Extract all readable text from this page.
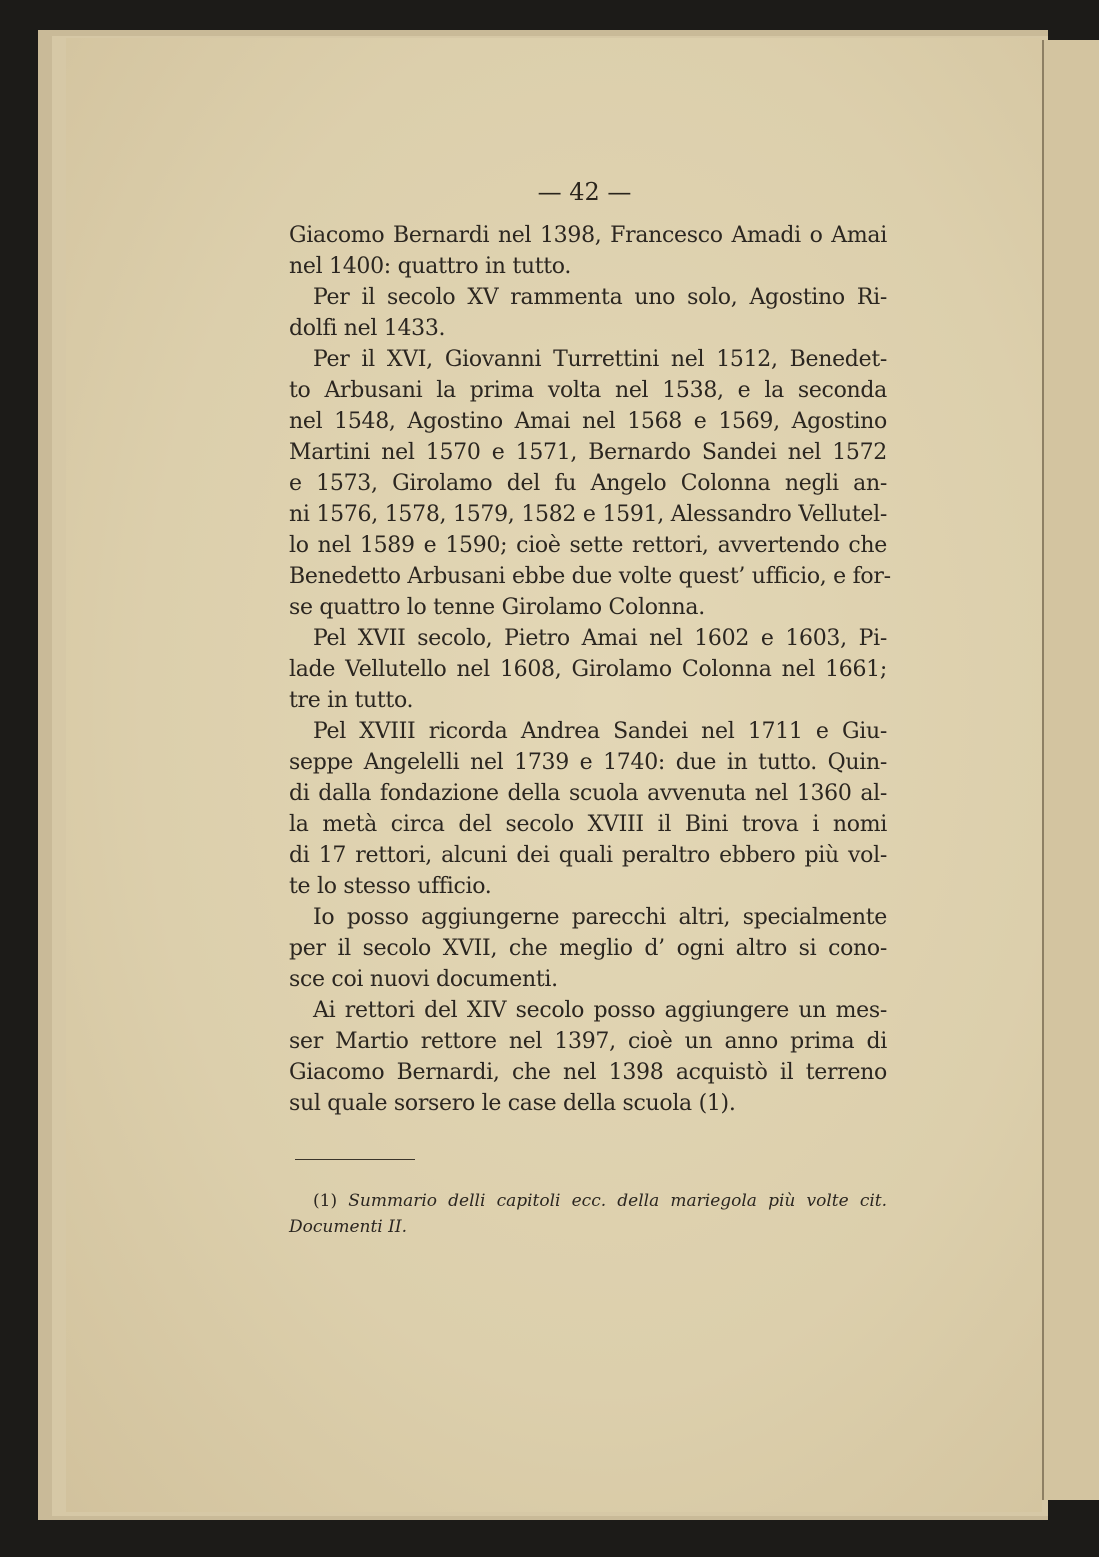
— 42 —
Giacomo Bernardi nel 1398, Francesco Amadi o Amai
nel 1400: quattro in tutto.
Per il secolo XV rammenta uno solo, Agostino Ri-
dolfi nel 1433.
Per il XVI, Giovanni Turrettini nel 1512, Benedet-
to Arbusani la prima volta nel 1538, e la seconda
nel 1548, Agostino Amai nel 1568 e 1569, Agostino
Martini nel 1570 e 1571, Bernardo Sandei nel 1572
e 1573, Girolamo del fu Angelo Colonna negli an-
ni 1576, 1578, 1579, 1582 e 1591, Alessandro Vellutel-
lo nel 1589 e 1590; cioè sette rettori, avvertendo che
Benedetto Arbusani ebbe due volte quest’ ufficio, e for-
se quattro lo tenne Girolamo Colonna.
Pel XVII secolo, Pietro Amai nel 1602 e 1603, Pi-
lade Vellutello nel 1608, Girolamo Colonna nel 1661;
tre in tutto.
Pel XVIII ricorda Andrea Sandei nel 1711 e Giu-
seppe Angelelli nel 1739 e 1740: due in tutto. Quin-
di dalla fondazione della scuola avvenuta nel 1360 al-
la metà circa del secolo XVIII il Bini trova i nomi
di 17 rettori, alcuni dei quali peraltro ebbero più vol-
te lo stesso ufficio.
Io posso aggiungerne parecchi altri, specialmente
per il secolo XVII, che meglio d’ ogni altro si cono-
sce coi nuovi documenti.
Ai rettori del XIV secolo posso aggiungere un mes-
ser Martio rettore nel 1397, cioè un anno prima di
Giacomo Bernardi, che nel 1398 acquistò il terreno
sul quale sorsero le case della scuola (1).
(1) Summario delli capitoli ecc. della mariegola più volte cit.
Documenti II.
